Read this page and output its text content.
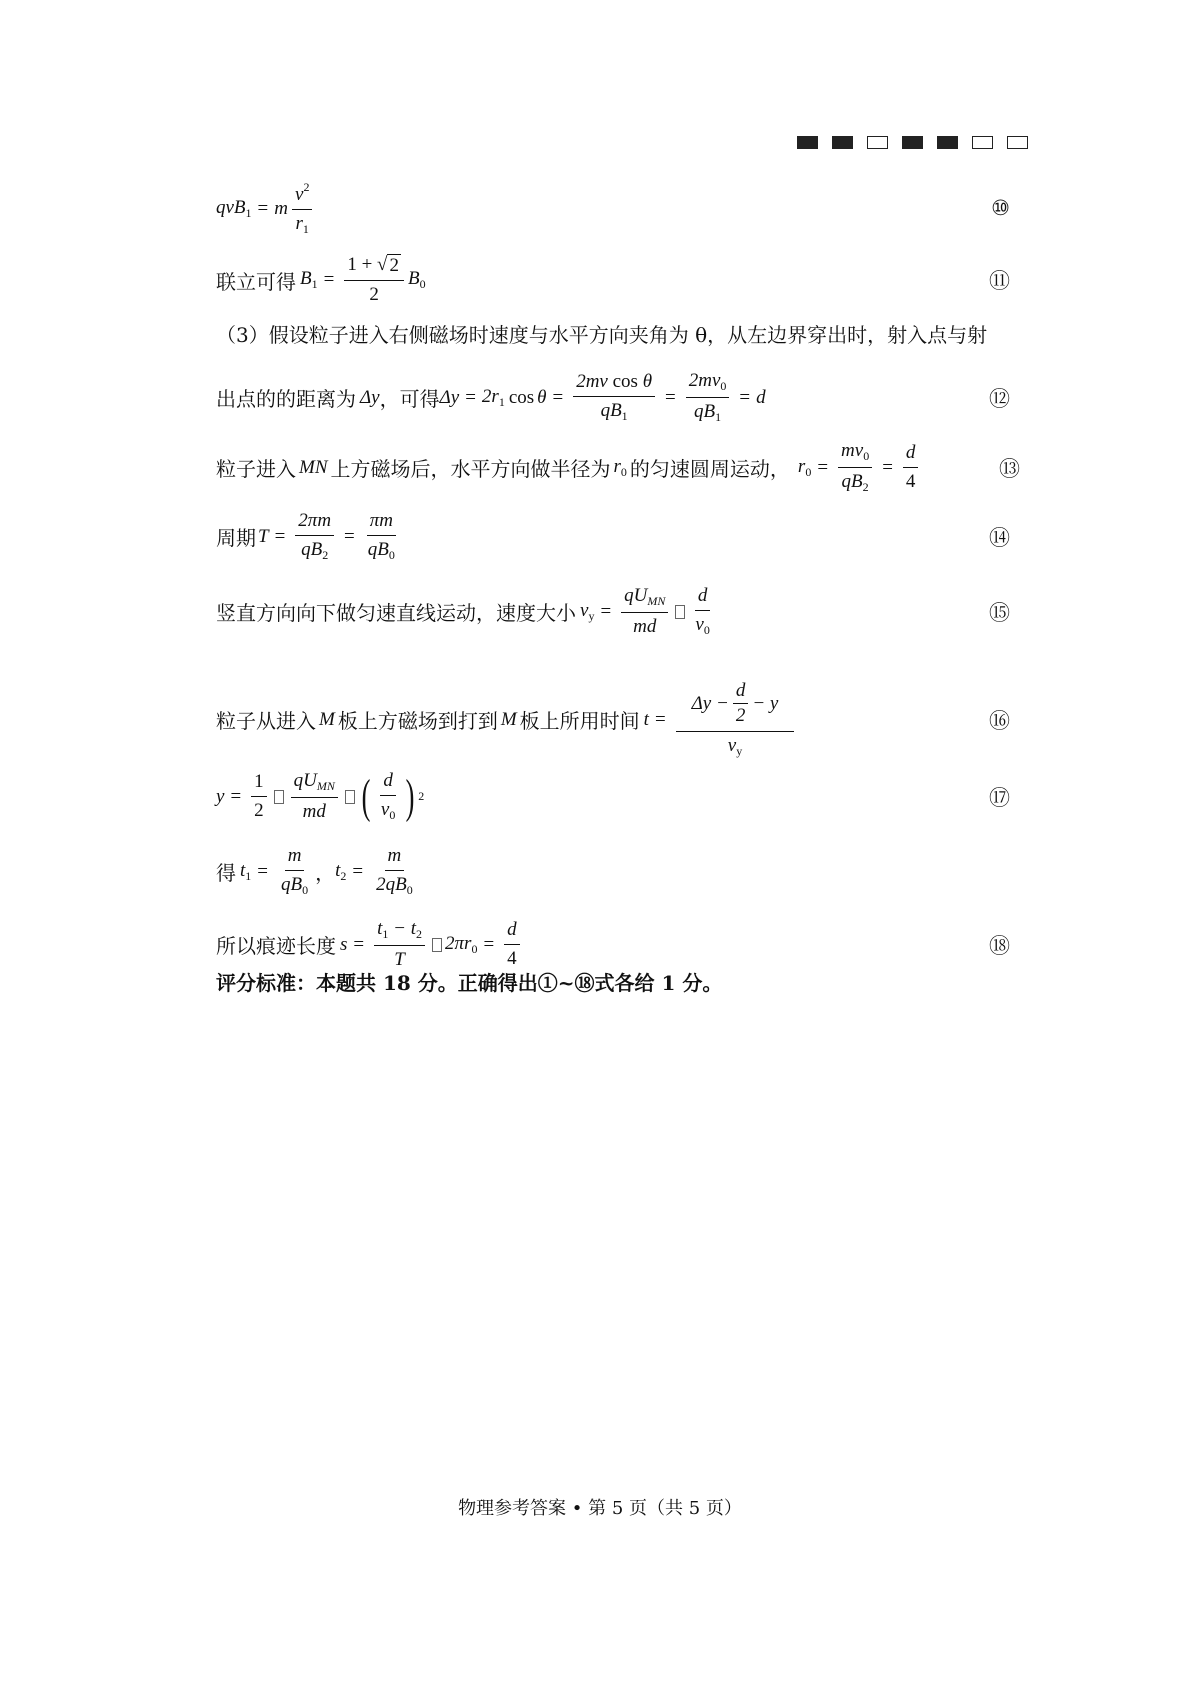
qvB$_1$ = m $\frac{v^2}{r_1}$	⑩
联立可得 $B_1 = \frac{1 + √ 2}{2} B_0$	⑪
（3）假设粒子进入右侧磁场时速度与水平方向夹角为 θ，从左边界穿出时，射入点与射
出点的的距离为 Δy ，可得 $\Delta y = 2r_1$ $\cos \theta = \frac{\text{2mv cos θ}}{qB_1} = \frac{2mv_0}{qB_1} = d$	⑫
粒子进入 MN 上方磁场后，水平方向做半径为 $r_0$ 的匀速圆周运动， $r_0 = \frac{mv_0}{qB_2} = \frac{d}{4}$	⑬
周期 $T = \frac{2\pi m}{qB_2} = \frac{\pi m}{qB_0}$	⑭
竖直方向向下做匀速直线运动，速度大小 $v_y = \frac{qU_{MN}}{md} \frac{d}{v_0}$	⑮
粒子从进入 M 板上方磁场到打到 M 板上所用时间 $t = \frac{\Delta y - \frac{d}{2} - y}{v_y}$	⑯
$y = \frac{1}{2} \frac{qU_{MN}}{md}$ ( $\frac{d}{v_0}$ ) 2	⑰
得 $t_1 = \frac{m}{qB_0}$ ， $t_2 = \frac{m}{2qB_0}$
所以痕迹长度 $s = \frac{t_1 - t_2}{T} 2\pi r_0 = \frac{d}{4}$	⑱
评分标准：本题共 18 分。正确得出①~⑱式各给 1 分。
物理参考答案 • 第 5 页（共 5 页）
